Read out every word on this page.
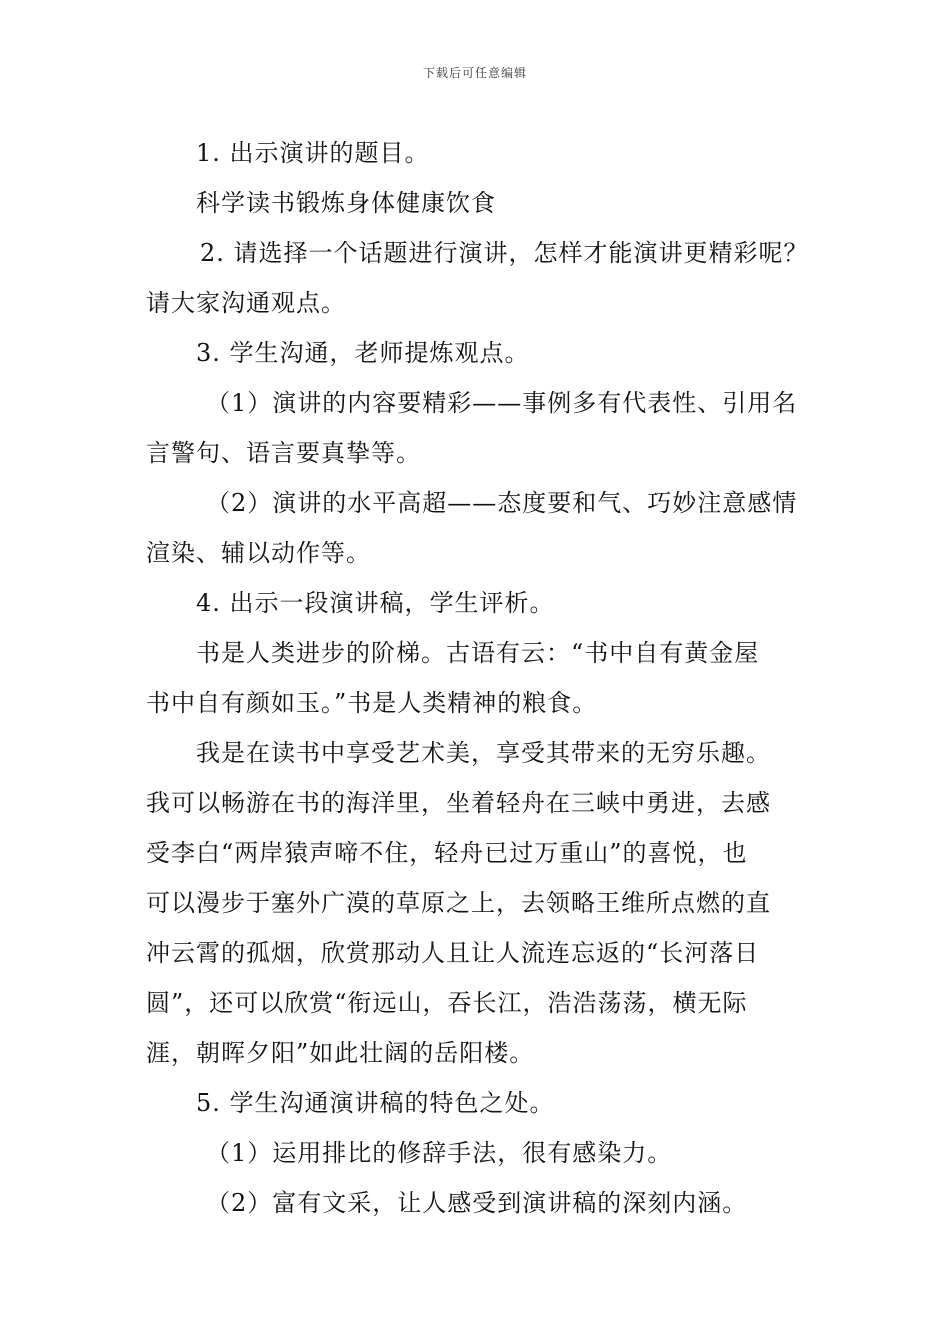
下载后可任意编辑

1. 出示演讲的题目。

科学读书锻炼身体健康饮食

2. 请选择一个话题进行演讲，怎样才能演讲更精彩呢？

请大家沟通观点。

3. 学生沟通，老师提炼观点。

（1）演讲的内容要精彩——事例多有代表性、引用名

言警句、语言要真挚等。

（2）演讲的水平高超——态度要和气、巧妙注意感情

渲染、辅以动作等。

4. 出示一段演讲稿，学生评析。

书是人类进步的阶梯。古语有云：“书中自有黄金屋

书中自有颜如玉。”书是人类精神的粮食。

我是在读书中享受艺术美，享受其带来的无穷乐趣。

我可以畅游在书的海洋里，坐着轻舟在三峡中勇进，去感

受李白“两岸猿声啼不住，轻舟已过万重山”的喜悦，也

可以漫步于塞外广漠的草原之上，去领略王维所点燃的直

冲云霄的孤烟，欣赏那动人且让人流连忘返的“长河落日

圆”，还可以欣赏“衔远山，吞长江，浩浩荡荡，横无际

涯，朝晖夕阳”如此壮阔的岳阳楼。

5. 学生沟通演讲稿的特色之处。

（1）运用排比的修辞手法，很有感染力。

（2）富有文采，让人感受到演讲稿的深刻内涵。
